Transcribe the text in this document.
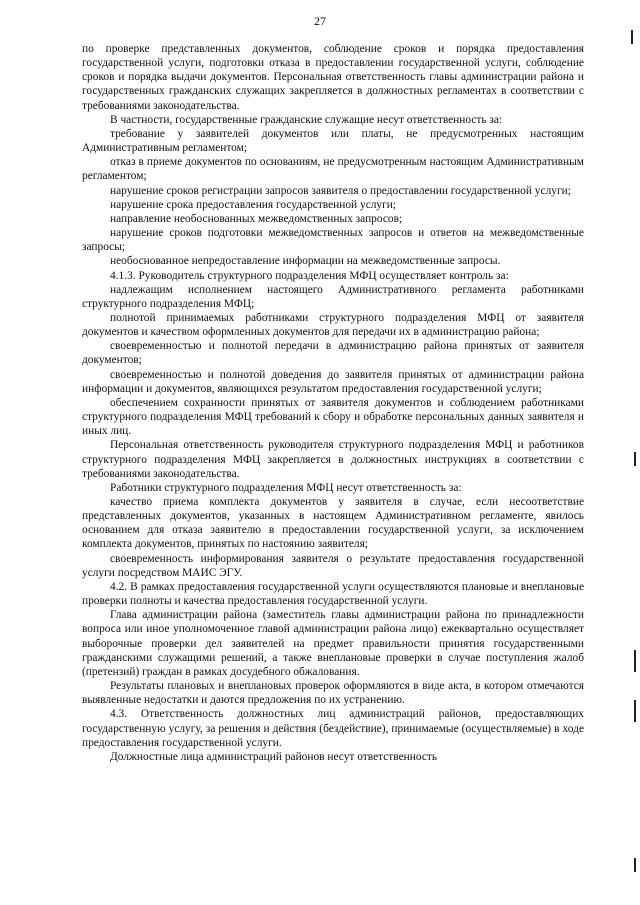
27

по проверке представленных документов, соблюдение сроков и порядка предоставления государственной услуги, подготовки отказа в предоставлении государственной услуги, соблюдение сроков и порядка выдачи документов. Персональная ответственность главы администрации района и государственных гражданских служащих закрепляется в должностных регламентах в соответствии с требованиями законодательства.

В частности, государственные гражданские служащие несут ответственность за:

требование у заявителей документов или платы, не предусмотренных настоящим Административным регламентом;

отказ в приеме документов по основаниям, не предусмотренным настоящим Административным регламентом;

нарушение сроков регистрации запросов заявителя о предоставлении государственной услуги;

нарушение срока предоставления государственной услуги;

направление необоснованных межведомственных запросов;

нарушение сроков подготовки межведомственных запросов и ответов на межведомственные запросы;

необоснованное непредоставление информации на межведомственные запросы.

4.1.3. Руководитель структурного подразделения МФЦ осуществляет контроль за:

надлежащим исполнением настоящего Административного регламента работниками структурного подразделения МФЦ;

полнотой принимаемых работниками структурного подразделения МФЦ от заявителя документов и качеством оформленных документов для передачи их в администрацию района;

своевременностью и полнотой передачи в администрацию района принятых от заявителя документов;

своевременностью и полнотой доведения до заявителя принятых от администрации района информации и документов, являющихся результатом предоставления государственной услуги;

обеспечением сохранности принятых от заявителя документов и соблюдением работниками структурного подразделения МФЦ требований к сбору и обработке персональных данных заявителя и иных лиц.

Персональная ответственность руководителя структурного подразделения МФЦ и работников структурного подразделения МФЦ закрепляется в должностных инструкциях в соответствии с требованиями законодательства.

Работники структурного подразделения МФЦ несут ответственность за:

качество приема комплекта документов у заявителя в случае, если несоответствие представленных документов, указанных в настоящем Административном регламенте, явилось основанием для отказа заявителю в предоставлении государственной услуги, за исключением комплекта документов, принятых по настоянию заявителя;

своевременность информирования заявителя о результате предоставления государственной услуги посредством МАИС ЭГУ.

4.2. В рамках предоставления государственной услуги осуществляются плановые и внеплановые проверки полноты и качества предоставления государственной услуги.

Глава администрации района (заместитель главы администрации района по принадлежности вопроса или иное уполномоченное главой администрации района лицо) ежеквартально осуществляет выборочные проверки дел заявителей на предмет правильности принятия государственными гражданскими служащими решений, а также внеплановые проверки в случае поступления жалоб (претензий) граждан в рамках досудебного обжалования.

Результаты плановых и внеплановых проверок оформляются в виде акта, в котором отмечаются выявленные недостатки и даются предложения по их устранению.

4.3. Ответственность должностных лиц администраций районов, предоставляющих государственную услугу, за решения и действия (бездействие), принимаемые (осуществляемые) в ходе предоставления государственной услуги.

Должностные лица администраций районов несут ответственность
